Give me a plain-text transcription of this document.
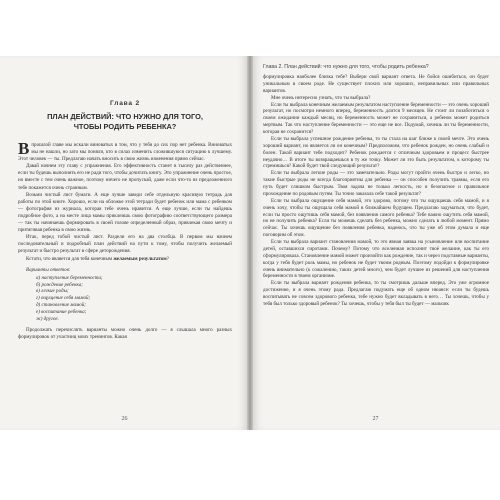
Глава 2
ПЛАН ДЕЙСТВИЙ: ЧТО НУЖНО ДЛЯ ТОГО,
ЧТОБЫ РОДИТЬ РЕБЕНКА?

Впрошлой главе мы искали виноватых в том, что у тебя до сих пор нет ребенка. Виноватых мы не нашли, но зато мы поняли, кто в силах изменить сложившуюся ситуацию к лучшему. Этот человек — ты. Предлагаю начать вносить в свою жизнь изменения прямо сейчас.

Давай начнем эту главу с упражнения. Его эффективность станет в тысячу раз действеннее, если ты будешь выполнять его не ради того, чтобы дочитать книгу. Это упражнение очень простое, но вместе с тем очень важное, поэтому ничего не пропускай, даже если что-то из предложенного тебе покажется очень странным.

Возьми чистый лист бумаги. А еще лучше заведи себе отдельную красивую тетрадь для работы по этой книге. Хорошо, если на обложке этой тетради будет ребенок или мама с ребенком — фотография из журнала, которая тебе очень нравится. А еще лучше, если ты найдешь подробное фото, а на месте лица мамы приклеишь свою фотографию соответствующего размера — так ты начинаешь формировать в своей голове определенный образ, привлекая свою мечту и притягивая ребенка в свою жизнь.

Итак, перед тобой чистый лист. Раздели его на два столбца. В первом мы начнем последовательный и подробный план действий на пути к тому, чтобы получить желаемый результат и быстро результат в сфере деторождения.

Кстати, что является для тебя конечным желаемым результатом?

Варианты ответов:
а) наступление беременности;
б) рождение ребенка;
в) легкие роды;
г) ощущение себя мамой;
д) становление мамой;
е) воспитание ребенка;
ж) другое.

Продолжать перечислять варианты можно очень долго — я слышала много разных формулировок от участниц моих тренингов. Какая

26
Глава 2. План действий: что нужно для того, чтобы родить ребенка?

формулировка наиболее близка тебе? Выбери свой вариант ответа. Не бойся ошибиться, он будет уникальным в своем роде. Не существует плохих или хороших, неправильных или правильных вариантов.

Мне очень интересно узнать, что ты выбрала?

Если ты выбрала конечным желаемым результатом наступление беременности — это очень хороший результат, но посмотри немного вперед, беременность длится 9 месяцев. Не стоит ли позаботиться о своем ожидании каждый месяц, но беременность может не сохраниться, а ребенок может родиться мертвым. Так что наступление беременности — это еще не все. Подумай, хочешь ли ты беременности, которая не сохранится?

Если ты выбрала успешное рождение ребенка, то ты стала на шаг ближе к своей мечте. Это очень хороший вариант, но является ли он конечным? Предположим, что ребенок рожден, но очень слабый и болен. Такой вариант тебе подходит? Ребенок рождается с отличным здоровьем и процесс быстрее неудачно… В итоге ты возвращаешься в ту же точку. Может ли это быть результатом, к которому ты стремишься? Какой будет твой следующий результат?

Если ты выбрала легкие роды — это замечательно. Роды могут пройти очень быстро и легко, но такие быстрые роды не всегда благоприятны для ребенка — он способен получить травмы, если его путь будет слишком быстрым. Твоя задача не только легкость, но и безопасное и правильное прохождение по родовым путям. Ты точно заказала себе такой результат?

Если ты выбрала ощущение себя мамой, это здорово, потому что ты ощущаешь себя мамой, и я очень хочу, чтобы ты ощущала себя мамой в ближайшем будущем. Предлагаю задуматься, что будет, если ты просто ощутишь себя мамой, без появления самого ребенка? Тебе важно ощутить себя мамой, но не получить ребенка? Если ты можешь сделать без ребенка, можно сделать в любой момент. Прямо сейчас. Ты хочешь ощущение без появления ребенка, надеюсь, что ты уже об этом думала и еще поговорим об этом.

Если ты выбрала вариант становления мамой, то это явная заявка на усыновление или воспитание детей, оставшихся сиротами. Почему? Потому что вселенная исполнит твоё желание, как ты его сформулировала. Становление мамой может произойти как рождение, так и через подставные варианты, когда у тебя будет роль мамы, но ребенок не будет твоим родным. Поэтому подойди к формулировке очень внимательно (к сожалению, таких детей много), чем будет лучшее из решений для наступления беременности в твоем организме.

Если ты выбрала вариант рождения ребенка, то ты смотришь дальше вперед. Это уже огромное достижение, и я очень этому рада. Предлагаю подумать еще об одном нюансе: если ты будешь воспитывать не совсем здорового ребенка, тебе нужно будет вкладывать в него… Ты хочешь, чтобы у тебя был только здоровый ребенок? Ты хочешь, чтобы у тебя был ты будет — мальчик

27
